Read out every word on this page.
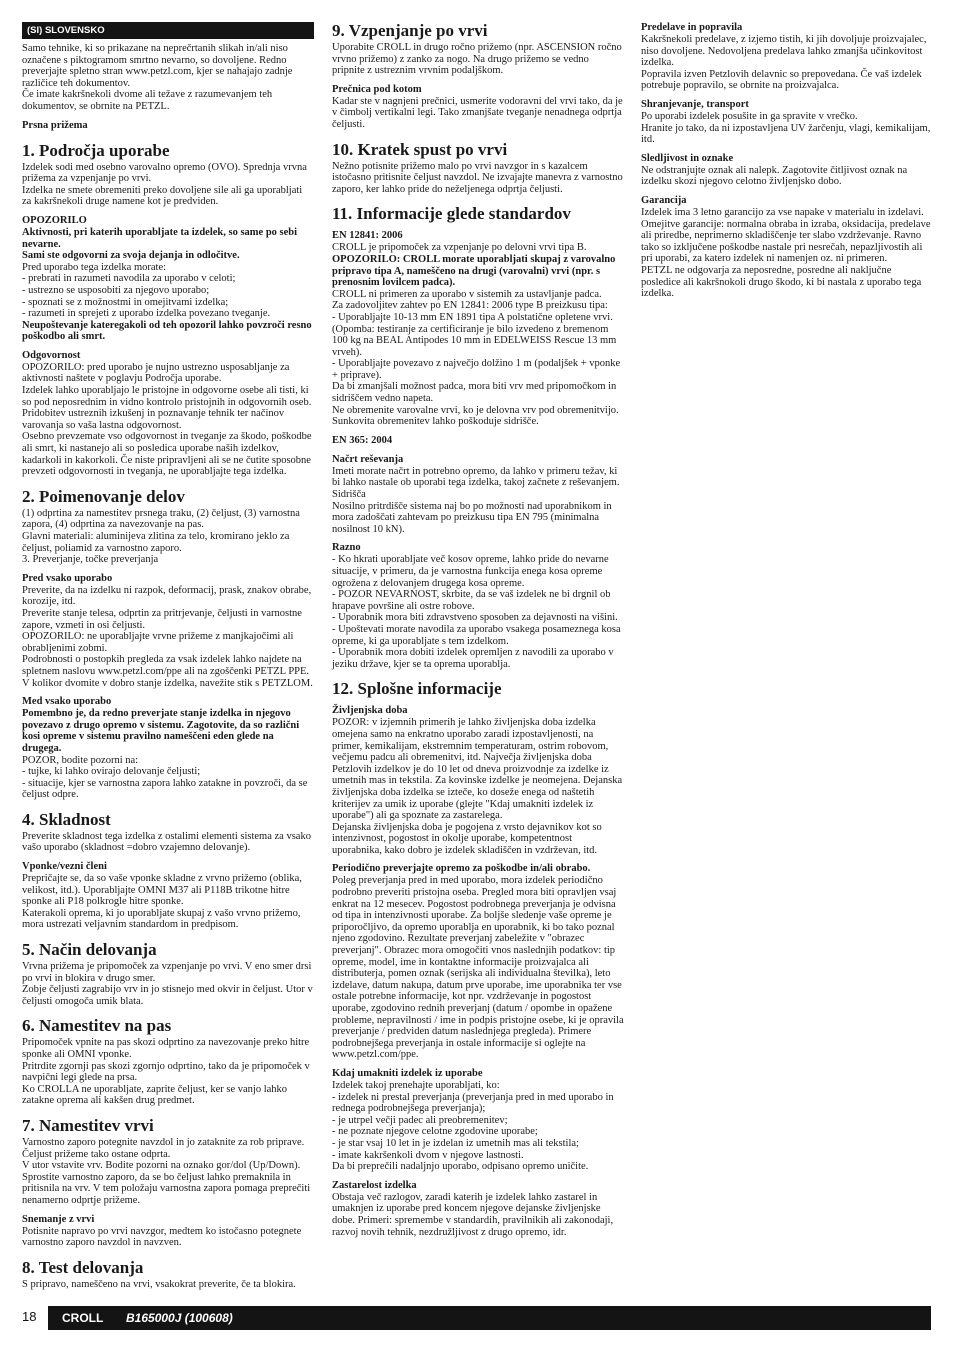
(SI) SLOVENSKO

Samo tehnike, ki so prikazane na neprečrtanih slikah in/ali niso označene s piktogramom smrtno nevarno, so dovoljene. Redno preverjajte spletno stran www.petzl.com, kjer se nahajajo zadnje različice teh dokumentov.

Če imate kakršnekoli dvome ali težave z razumevanjem teh dokumentov, se obrnite na PETZL.

Prsna prižema
1. Področja uporabe

Izdelek sodi med osebno varovalno opremo (OVO). Sprednja vrvna prižema za vzpenjanje po vrvi.

Izdelka ne smete obremeniti preko dovoljene sile ali ga uporabljati za kakršnekoli druge namene kot je predviden.

OPOZORILO

Aktivnosti, pri katerih uporabljate ta izdelek, so same po sebi nevarne.

Sami ste odgovorni za svoja dejanja in odločitve.

Pred uporabo tega izdelka morate:

- prebrati in razumeti navodila za uporabo v celoti;

- ustrezno se usposobiti za njegovo uporabo;

- spoznati se z možnostmi in omejitvami izdelka;

- razumeti in sprejeti z uporabo izdelka povezano tveganje.

Neupoštevanje kateregakoli od teh opozoril lahko povzroči resno poškodbo ali smrt.

Odgovornost

OPOZORILO: pred uporabo je nujno ustrezno usposabljanje za aktivnosti naštete v poglavju Področja uporabe.

Izdelek lahko uporabljajo le pristojne in odgovorne osebe ali tisti, ki so pod neposrednim in vidno kontrolo pristojnih in odgovornih oseb.

Pridobitev ustreznih izkušenj in poznavanje tehnik ter načinov varovanja so vaša lastna odgovornost.

Osebno prevzemate vso odgovornost in tveganje za škodo, poškodbe ali smrt, ki nastanejo ali so posledica uporabe naših izdelkov, kadarkoli in kakorkoli. Če niste pripravljeni ali se ne čutite sposobne prevzeti odgovornosti in tveganja, ne uporabljajte tega izdelka.

2. Poimenovanje delov

(1) odprtina za namestitev prsnega traku, (2) čeljust, (3) varnostna zapora, (4) odprtina za navezovanje na pas.

Glavni materiali: aluminijeva zlitina za telo, kromirano jeklo za čeljust, poliamid za varnostno zaporo.

3. Preverjanje, točke preverjanja

Pred vsako uporabo

Preverite, da na izdelku ni razpok, deformacij, prask, znakov obrabe, korozije, itd.

Preverite stanje telesa, odprtin za pritrjevanje, čeljusti in varnostne zapore, vzmeti in osi čeljusti.

OPOZORILO: ne uporabljajte vrvne prižeme z manjkajočimi ali obrabljenimi zobmi.

Podrobnosti o postopkih pregleda za vsak izdelek lahko najdete na spletnem naslovu www.petzl.com/ppe ali na zgoščenki PETZL PPE.

V kolikor dvomite v dobro stanje izdelka, navežite stik s PETZLOM.

Med vsako uporabo

Pomembno je, da redno preverjate stanje izdelka in njegovo povezavo z drugo opremo v sistemu. Zagotovite, da so različni kosi opreme v sistemu pravilno nameščeni eden glede na drugega.

POZOR, bodite pozorni na:

- tujke, ki lahko ovirajo delovanje čeljusti;

- situacije, kjer se varnostna zapora lahko zatakne in povzroči, da se čeljust odpre.

4. Skladnost

Preverite skladnost tega izdelka z ostalimi elementi sistema za vsako vašo uporabo (skladnost =dobro vzajemno delovanje).

Vponke/vezni členi

Prepričajte se, da so vaše vponke skladne z vrvno prižemo (oblika, velikost, itd.). Uporabljajte OMNI M37 ali P118B trikotne hitre sponke ali P18 polkrogle hitre sponke.

Katerakoli oprema, ki jo uporabljate skupaj z vašo vrvno prižemo, mora ustrezati veljavnim standardom in predpisom.

5. Način delovanja

Vrvna prižema je pripomoček za vzpenjanje po vrvi. V eno smer drsi po vrvi in blokira v drugo smer.

Zobje čeljusti zagrabijo vrv in jo stisnejo med okvir in čeljust. Utor v čeljusti omogoča umik blata.

6. Namestitev na pas

Pripomoček vpnite na pas skozi odprtino za navezovanje preko hitre sponke ali OMNI vponke.

Pritrdite zgornji pas skozi zgornjo odprtino, tako da je pripomoček v navpični legi glede na prsa.

Ko CROLLA ne uporabljate, zaprite čeljust, ker se vanjo lahko zatakne oprema ali kakšen drug predmet.

7. Namestitev vrvi

Varnostno zaporo potegnite navzdol in jo zataknite za rob priprave. Čeljust prižeme tako ostane odprta.

V utor vstavite vrv. Bodite pozorni na oznako gor/dol (Up/Down). Sprostite varnostno zaporo, da se bo čeljust lahko premaknila in pritisnila na vrv. V tem položaju varnostna zapora pomaga preprečiti nenamerno odprtje prižeme.

Snemanje z vrvi

Potisnite napravo po vrvi navzgor, medtem ko istočasno potegnete varnostno zaporo navzdol in navzven.

8. Test delovanja

S pripravo, nameščeno na vrvi, vsakokrat preverite, če ta blokira.

9. Vzpenjanje po vrvi

Uporabite CROLL in drugo ročno prižemo (npr. ASCENSION ročno vrvno prižemo) z zanko za nogo. Na drugo prižemo se vedno pripnite z ustreznim vrvnim podaljškom.

Prečnica pod kotom

Kadar ste v nagnjeni prečnici, usmerite vodoravni del vrvi tako, da je v čimbolj vertikalni legi. Tako zmanjšate tveganje nenadnega odprtja čeljusti.

10. Kratek spust po vrvi

Nežno potisnite prižemo malo po vrvi navzgor in s kazalcem istočasno pritisnite čeljust navzdol. Ne izvajajte manevra z varnostno zaporo, ker lahko pride do neželjenega odprtja čeljusti.

11. Informacije glede standardov
EN 12841: 2006

CROLL je pripomoček za vzpenjanje po delovni vrvi tipa B.

OPOZORILO: CROLL morate uporabljati skupaj z varovalno pripravo tipa A, nameščeno na drugi (varovalni) vrvi (npr. s prenosnim lovilcem padca).

CROLL ni primeren za uporabo v sistemih za ustavljanje padca.

Za zadovoljitev zahtev po EN 12841: 2006 type B preizkusu tipa:

- Uporabljajte 10-13 mm EN 1891 tipa A polstatične opletene vrvi. (Opomba: testiranje za certificiranje je bilo izvedeno z bremenom 100 kg na BEAL Antipodes 10 mm in EDELWEISS Rescue 13 mm vrveh).

- Uporabljajte povezavo z največjo dolžino 1 m (podaljšek + vponke + priprave).

Da bi zmanjšali možnost padca, mora biti vrv med pripomočkom in sidriščem vedno napeta.

Ne obremenite varovalne vrvi, ko je delovna vrv pod obremenitvijo.

Sunkovita obremenitev lahko poškoduje sidrišče.

EN 365: 2004
Načrt reševanja

Imeti morate načrt in potrebno opremo, da lahko v primeru težav, ki bi lahko nastale ob uporabi tega izdelka, takoj začnete z reševanjem.

Sidrišča

Nosilno pritrdišče sistema naj bo po možnosti nad uporabnikom in mora zadoščati zahtevam po preizkusu tipa EN 795 (minimalna nosilnost 10 kN).

Razno

- Ko hkrati uporabljate več kosov opreme, lahko pride do nevarne situacije, v primeru, da je varnostna funkcija enega kosa opreme ogrožena z delovanjem drugega kosa opreme.

- POZOR NEVARNOST, skrbite, da se vaš izdelek ne bi drgnil ob hrapave površine ali ostre robove.

- Uporabnik mora biti zdravstveno sposoben za dejavnosti na višini.

- Upoštevati morate navodila za uporabo vsakega posameznega kosa opreme, ki ga uporabljate s tem izdelkom.

- Uporabnik mora dobiti izdelek opremljen z navodili za uporabo v jeziku države, kjer se ta oprema uporablja.

12. Splošne informacije
Življenjska doba

POZOR: v izjemnih primerih je lahko življenjska doba izdelka omejena samo na enkratno uporabo zaradi izpostavljenosti, na primer, kemikalijam, ekstremnim temperaturam, ostrim robovom, večjemu padcu ali obremenitvi, itd. Največja življenjska doba Petzlovih izdelkov je do 10 let od dneva proizvodnje za izdelke iz umetnih mas in tekstila. Za kovinske izdelke je neomejena. Dejanska življenjska doba izdelka se izteče, ko doseže enega od naštetih kriterijev za umik iz uporabe (glejte "Kdaj umakniti izdelek iz uporabe") ali ga spoznate za zastarelega.

Dejanska življenjska doba je pogojena z vrsto dejavnikov kot so intenzivnost, pogostost in okolje uporabe, kompetentnost uporabnika, kako dobro je izdelek skladiščen in vzdrževan, itd.

Periodično preverjajte opremo za poškodbe in/ali obrabo.

Poleg preverjanja pred in med uporabo, mora izdelek periodično podrobno preveriti pristojna oseba. Pregled mora biti opravljen vsaj enkrat na 12 mesecev. Pogostost podrobnega preverjanja je odvisna od tipa in intenzivnosti uporabe. Za boljše sledenje vaše opreme je priporočljivo, da opremo uporablja en uporabnik, ki bo tako poznal njeno zgodovino. Rezultate preverjanj zabeležite v "obrazec preverjanj". Obrazec mora omogočiti vnos naslednjih podatkov: tip opreme, model, ime in kontaktne informacije proizvajalca ali distributerja, pomen oznak (serijska ali individualna številka), leto izdelave, datum nakupa, datum prve uporabe, ime uporabnika ter vse ostale potrebne informacije, kot npr. vzdrževanje in pogostost uporabe, zgodovino rednih preverjanj (datum / opombe in opažene probleme, nepravilnosti / ime in podpis pristojne osebe, ki je opravila preverjanje / predviden datum naslednjega pregleda). Primere podrobnejšega preverjanja in ostale informacije si oglejte na www.petzl.com/ppe.

Kdaj umakniti izdelek iz uporabe

Izdelek takoj prenehajte uporabljati, ko:

- izdelek ni prestal preverjanja (preverjanja pred in med uporabo in rednega podrobnejšega preverjanja);

- je utrpel večji padec ali preobremenitev;

- ne poznate njegove celotne zgodovine uporabe;

- je star vsaj 10 let in je izdelan iz umetnih mas ali tekstila;

- imate kakršenkoli dvom v njegove lastnosti.

Da bi preprečili nadaljnjo uporabo, odpisano opremo uničite.

Zastarelost izdelka

Obstaja več razlogov, zaradi katerih je izdelek lahko zastarel in umaknjen iz uporabe pred koncem njegove dejanske življenjske dobe. Primeri: spremembe v standardih, pravilnikih ali zakonodaji, razvoj novih tehnik, nezdružljivost z drugo opremo, idr.

Predelave in popravila

Kakršnekoli predelave, z izjemo tistih, ki jih dovoljuje proizvajalec, niso dovoljene. Nedovoljena predelava lahko zmanjša učinkovitost izdelka.

Popravila izven Petzlovih delavnic so prepovedana. Če vaš izdelek potrebuje popravilo, se obrnite na proizvajalca.

Shranjevanje, transport

Po uporabi izdelek posušite in ga spravite v vrečko.

Hranite jo tako, da ni izpostavljena UV žarčenju, vlagi, kemikalijam, itd.

Sledljivost in oznake

Ne odstranjujte oznak ali nalepk. Zagotovite čitljivost oznak na izdelku skozi njegovo celotno življenjsko dobo.

Garancija

Izdelek ima 3 letno garancijo za vse napake v materialu in izdelavi. Omejitve garancije: normalna obraba in izraba, oksidacija, predelave ali priredbe, neprimerno skladiščenje ter slabo vzdrževanje. Ravno tako so izključene poškodbe nastale pri nesrečah, nepazljivostih ali pri uporabi, za katero izdelek ni namenjen oz. ni primeren.

PETZL ne odgovarja za neposredne, posredne ali naključne posledice ali kakršnokoli drugo škodo, ki bi nastala z uporabo tega izdelka.

18 CROLL B165000J (100608)
